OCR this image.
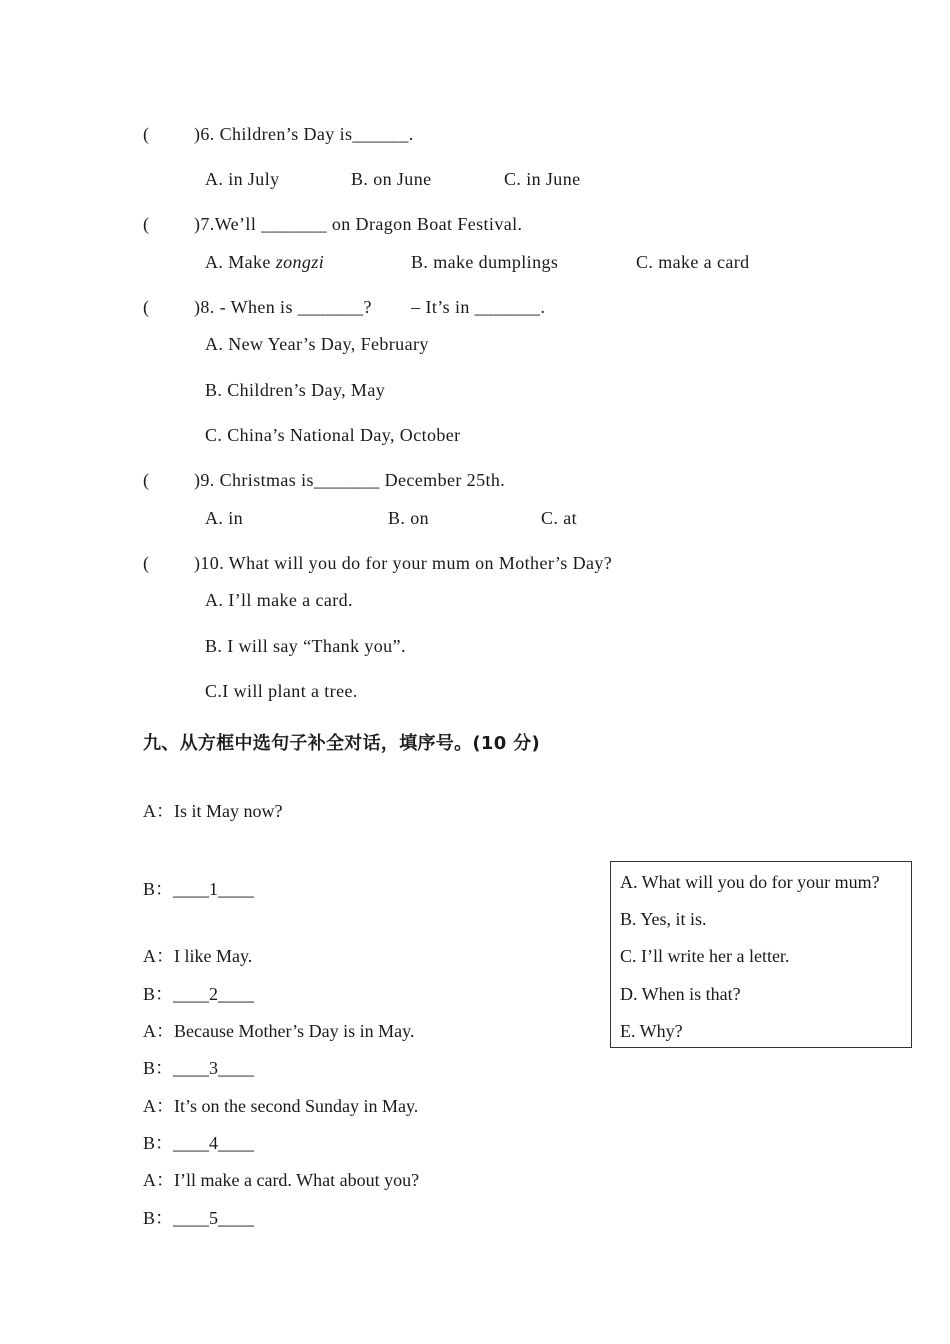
(	)6. Children’s Day is______.
A. in July	B. on June	C. in June
(	)7.We’ll _______ on Dragon Boat Festival.
A. Make zongzi	B. make dumplings	C. make a card
(	)8. - When is _______?        – It’s in _______.
A. New Year’s Day, February
B. Children’s Day, May
C. China’s National Day, October
(	)9. Christmas is_______ December 25th.
A. in	B. on	C. at
(	)10. What will you do for your mum on Mother’s Day?
A. I’ll make a card.
B. I will say “Thank you”.
C.I will plant a tree.
九、从方框中选句子补全对话，填序号。(10 分)
A：Is it May now?
B：____1____
A：I like May.
B：____2____
A：Because Mother’s Day is in May.
B：____3____
A：It’s on the second Sunday in May.
B：____4____
A：I’ll make a card. What about you?
B：____5____
A. What will you do for your mum?
B. Yes, it is.
C. I’ll write her a letter.
D. When is that?
E. Why?
